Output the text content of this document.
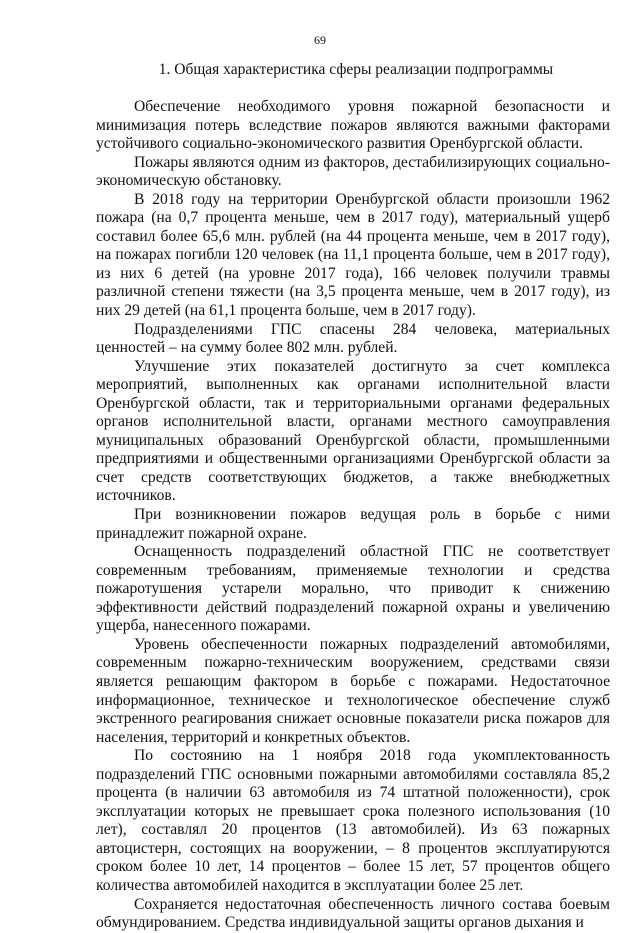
69
1. Общая характеристика сферы реализации подпрограммы

Обеспечение необходимого уровня пожарной безопасности и минимизация потерь вследствие пожаров являются важными факторами устойчивого социально-экономического развития Оренбургской области.

Пожары являются одним из факторов, дестабилизирующих социально-экономическую обстановку.

В 2018 году на территории Оренбургской области произошли 1962 пожара (на 0,7 процента меньше, чем в 2017 году), материальный ущерб составил более 65,6 млн. рублей (на 44 процента меньше, чем в 2017 году), на пожарах погибли 120 человек (на 11,1 процента больше, чем в 2017 году), из них 6 детей (на уровне 2017 года), 166 человек получили травмы различной степени тяжести (на 3,5 процента меньше, чем в 2017 году), из них 29 детей (на 61,1 процента больше, чем в 2017 году).

Подразделениями ГПС спасены 284 человека, материальных ценностей – на сумму более 802 млн. рублей.

Улучшение этих показателей достигнуто за счет комплекса мероприятий, выполненных как органами исполнительной власти Оренбургской области, так и территориальными органами федеральных органов исполнительной власти, органами местного самоуправления муниципальных образований Оренбургской области, промышленными предприятиями и общественными организациями Оренбургской области за счет средств соответствующих бюджетов, а также внебюджетных источников.

При возникновении пожаров ведущая роль в борьбе с ними принадлежит пожарной охране.

Оснащенность подразделений областной ГПС не соответствует современным требованиям, применяемые технологии и средства пожаротушения устарели морально, что приводит к снижению эффективности действий подразделений пожарной охраны и увеличению ущерба, нанесенного пожарами.

Уровень обеспеченности пожарных подразделений автомобилями, современным пожарно-техническим вооружением, средствами связи является решающим фактором в борьбе с пожарами. Недостаточное информационное, техническое и технологическое обеспечение служб экстренного реагирования снижает основные показатели риска пожаров для населения, территорий и конкретных объектов.

По состоянию на 1 ноября 2018 года укомплектованность подразделений ГПС основными пожарными автомобилями составляла 85,2 процента (в наличии 63 автомобиля из 74 штатной положенности), срок эксплуатации которых не превышает срока полезного использования (10 лет), составлял 20 процентов (13 автомобилей). Из 63 пожарных автоцистерн, состоящих на вооружении, – 8 процентов эксплуатируются сроком более 10 лет, 14 процентов – более 15 лет, 57 процентов общего количества автомобилей находится в эксплуатации более 25 лет.

Сохраняется недостаточная обеспеченность личного состава боевым обмундированием. Средства индивидуальной защиты органов дыхания и
